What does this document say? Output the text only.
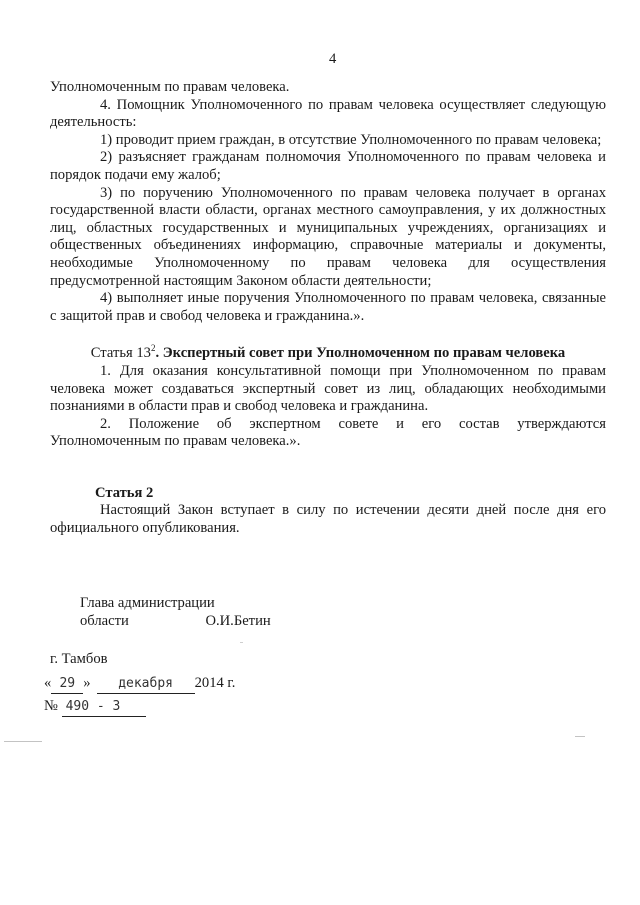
4

Уполномоченным по правам человека.

4. Помощник Уполномоченного по правам человека осуществляет следующую деятельность:

1) проводит прием граждан, в отсутствие Уполномоченного по правам человека;

2) разъясняет гражданам полномочия Уполномоченного по правам человека и порядок подачи ему жалоб;

3) по поручению Уполномоченного по правам человека получает в органах государственной власти области, органах местного самоуправления, у их должностных лиц, областных государственных и муниципальных учреждениях, организациях и общественных объединениях информацию, справочные материалы и документы, необходимые Уполномоченному по правам человека для осуществления предусмотренной настоящим Законом области деятельности;

4) выполняет иные поручения Уполномоченного по правам человека, связанные с защитой прав и свобод человека и гражданина.».

Статья $13^2$. Экспертный совет при Уполномоченном по правам человека

1. Для оказания консультативной помощи при Уполномоченном по правам человека может создаваться экспертный совет из лиц, обладающих необходимыми познаниями в области прав и свобод человека и гражданина.

2. Положение об экспертном совете и его состав утверждаются Уполномоченным по правам человека.».

Статья 2

Настоящий Закон вступает в силу по истечении десяти дней после дня его официального опубликования.

Глава администрации
области	О.И.Бетин
г. Тамбов
« 29 » декабря 2014 г.
№ 490 - З
